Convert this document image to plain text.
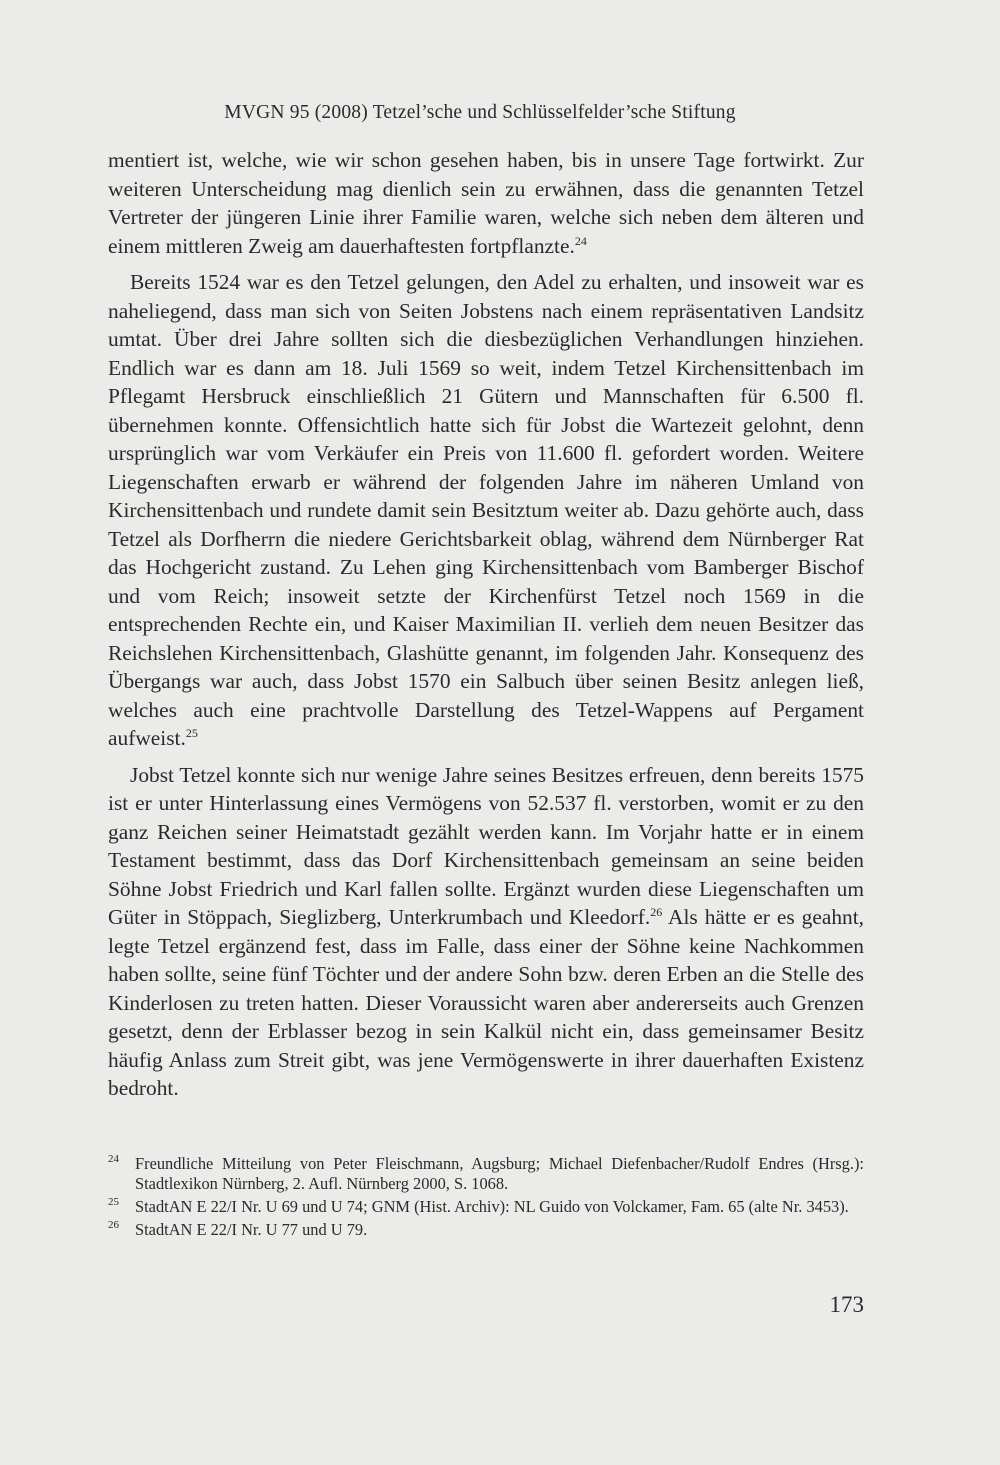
MVGN 95 (2008) Tetzel’sche und Schlüsselfelder’sche Stiftung

mentiert ist, welche, wie wir schon gesehen haben, bis in unsere Tage fortwirkt. Zur weiteren Unterscheidung mag dienlich sein zu erwähnen, dass die genannten Tetzel Vertreter der jüngeren Linie ihrer Familie waren, welche sich neben dem älteren und einem mittleren Zweig am dauerhaftesten fortpflanzte.$^{24}$

Bereits 1524 war es den Tetzel gelungen, den Adel zu erhalten, und insoweit war es naheliegend, dass man sich von Seiten Jobstens nach einem repräsentativen Landsitz umtat. Über drei Jahre sollten sich die diesbezüglichen Verhandlungen hinziehen. Endlich war es dann am 18. Juli 1569 so weit, indem Tetzel Kirchensittenbach im Pflegamt Hersbruck einschließlich 21 Gütern und Mannschaften für 6.500 fl. übernehmen konnte. Offensichtlich hatte sich für Jobst die Wartezeit gelohnt, denn ursprünglich war vom Verkäufer ein Preis von 11.600 fl. gefordert worden. Weitere Liegenschaften erwarb er während der folgenden Jahre im näheren Umland von Kirchensittenbach und rundete damit sein Besitztum weiter ab. Dazu gehörte auch, dass Tetzel als Dorfherrn die niedere Gerichtsbarkeit oblag, während dem Nürnberger Rat das Hochgericht zustand. Zu Lehen ging Kirchensittenbach vom Bamberger Bischof und vom Reich; insoweit setzte der Kirchenfürst Tetzel noch 1569 in die entsprechenden Rechte ein, und Kaiser Maximilian II. verlieh dem neuen Besitzer das Reichslehen Kirchensittenbach, Glashütte genannt, im folgenden Jahr. Konsequenz des Übergangs war auch, dass Jobst 1570 ein Salbuch über seinen Besitz anlegen ließ, welches auch eine prachtvolle Darstellung des Tetzel-Wappens auf Pergament aufweist.$^{25}$

Jobst Tetzel konnte sich nur wenige Jahre seines Besitzes erfreuen, denn bereits 1575 ist er unter Hinterlassung eines Vermögens von 52.537 fl. verstorben, womit er zu den ganz Reichen seiner Heimatstadt gezählt werden kann. Im Vorjahr hatte er in einem Testament bestimmt, dass das Dorf Kirchensittenbach gemeinsam an seine beiden Söhne Jobst Friedrich und Karl fallen sollte. Ergänzt wurden diese Liegenschaften um Güter in Stöppach, Sieglizberg, Unterkrumbach und Kleedorf.$^{26}$ Als hätte er es geahnt, legte Tetzel ergänzend fest, dass im Falle, dass einer der Söhne keine Nachkommen haben sollte, seine fünf Töchter und der andere Sohn bzw. deren Erben an die Stelle des Kinderlosen zu treten hatten. Dieser Voraussicht waren aber andererseits auch Grenzen gesetzt, denn der Erblasser bezog in sein Kalkül nicht ein, dass gemeinsamer Besitz häufig Anlass zum Streit gibt, was jene Vermögenswerte in ihrer dauerhaften Existenz bedroht.

24 Freundliche Mitteilung von Peter Fleischmann, Augsburg; Michael Diefenbacher/Rudolf Endres (Hrsg.): Stadtlexikon Nürnberg, 2. Aufl. Nürnberg 2000, S. 1068.
25 StadtAN E 22/I Nr. U 69 und U 74; GNM (Hist. Archiv): NL Guido von Volckamer, Fam. 65 (alte Nr. 3453).
26 StadtAN E 22/I Nr. U 77 und U 79.
173
